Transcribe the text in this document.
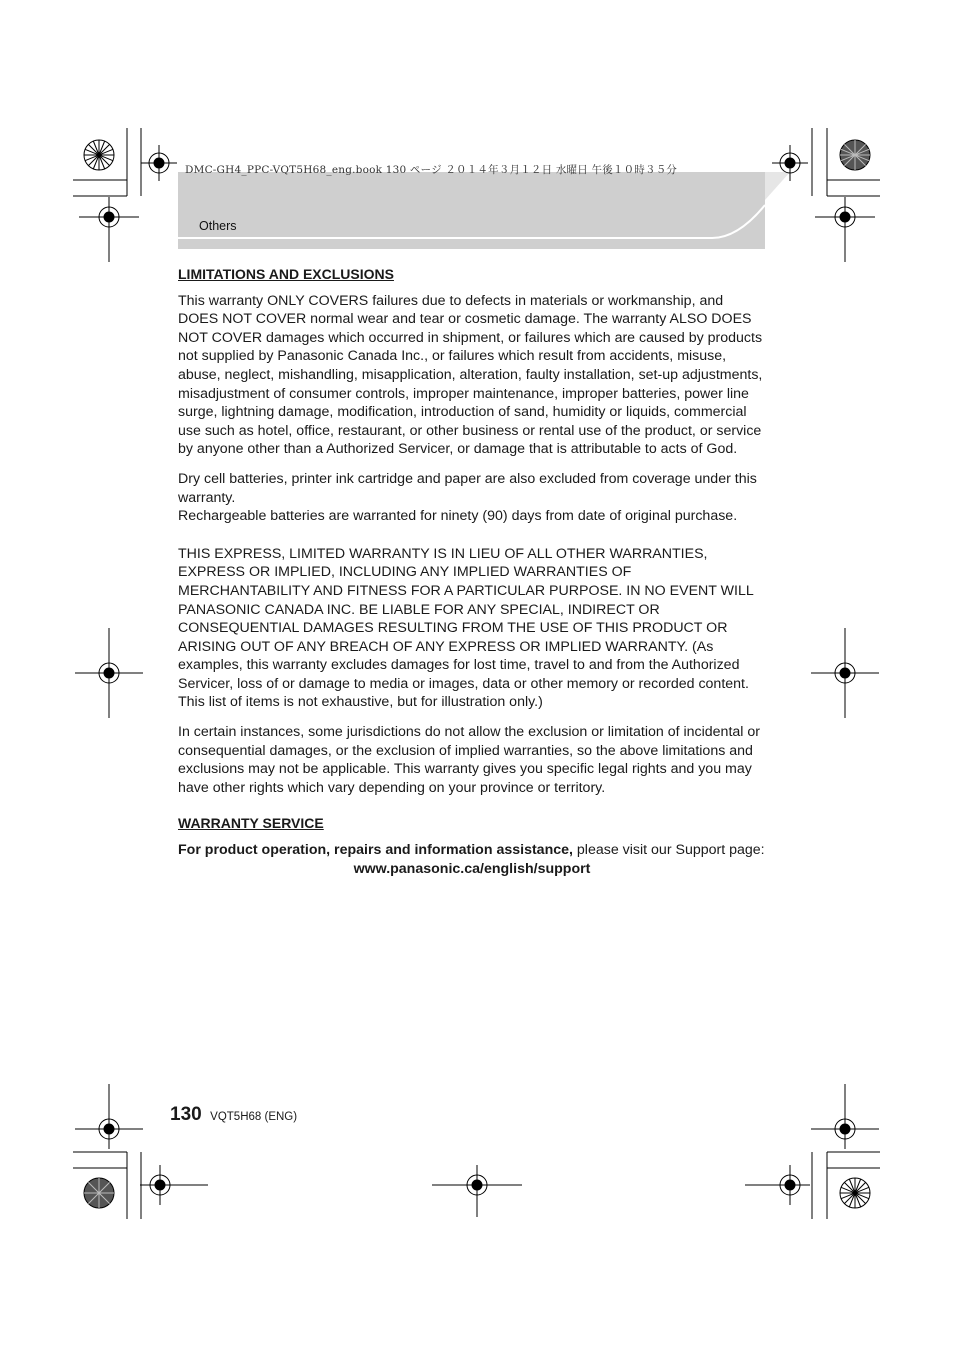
DMC-GH4_PPC-VQT5H68_eng.book 130 ページ ２０１４年３月１２日 水曜日 午後１０時３５分
Others
LIMITATIONS AND EXCLUSIONS

This warranty ONLY COVERS failures due to defects in materials or workmanship, and DOES NOT COVER normal wear and tear or cosmetic damage. The warranty ALSO DOES NOT COVER damages which occurred in shipment, or failures which are caused by products not supplied by Panasonic Canada Inc., or failures which result from accidents, misuse, abuse, neglect, mishandling, misapplication, alteration, faulty installation, set-up adjustments, misadjustment of consumer controls, improper maintenance, improper batteries, power line surge, lightning damage, modification, introduction of sand, humidity or liquids, commercial use such as hotel, office, restaurant, or other business or rental use of the product, or service by anyone other than a Authorized Servicer, or damage that is attributable to acts of God.

Dry cell batteries, printer ink cartridge and paper are also excluded from coverage under this warranty.
Rechargeable batteries are warranted for ninety (90) days from date of original purchase.

THIS EXPRESS, LIMITED WARRANTY IS IN LIEU OF ALL OTHER WARRANTIES, EXPRESS OR IMPLIED, INCLUDING ANY IMPLIED WARRANTIES OF MERCHANTABILITY AND FITNESS FOR A PARTICULAR PURPOSE. IN NO EVENT WILL PANASONIC CANADA INC. BE LIABLE FOR ANY SPECIAL, INDIRECT OR CONSEQUENTIAL DAMAGES RESULTING FROM THE USE OF THIS PRODUCT OR ARISING OUT OF ANY BREACH OF ANY EXPRESS OR IMPLIED WARRANTY. (As examples, this warranty excludes damages for lost time, travel to and from the Authorized Servicer, loss of or damage to media or images, data or other memory or recorded content. This list of items is not exhaustive, but for illustration only.)

In certain instances, some jurisdictions do not allow the exclusion or limitation of incidental or consequential damages, or the exclusion of implied warranties, so the above limitations and exclusions may not be applicable. This warranty gives you specific legal rights and you may have other rights which vary depending on your province or territory.

WARRANTY SERVICE

For product operation, repairs and information assistance, please visit our Support page:

www.panasonic.ca/english/support
130 VQT5H68 (ENG)
